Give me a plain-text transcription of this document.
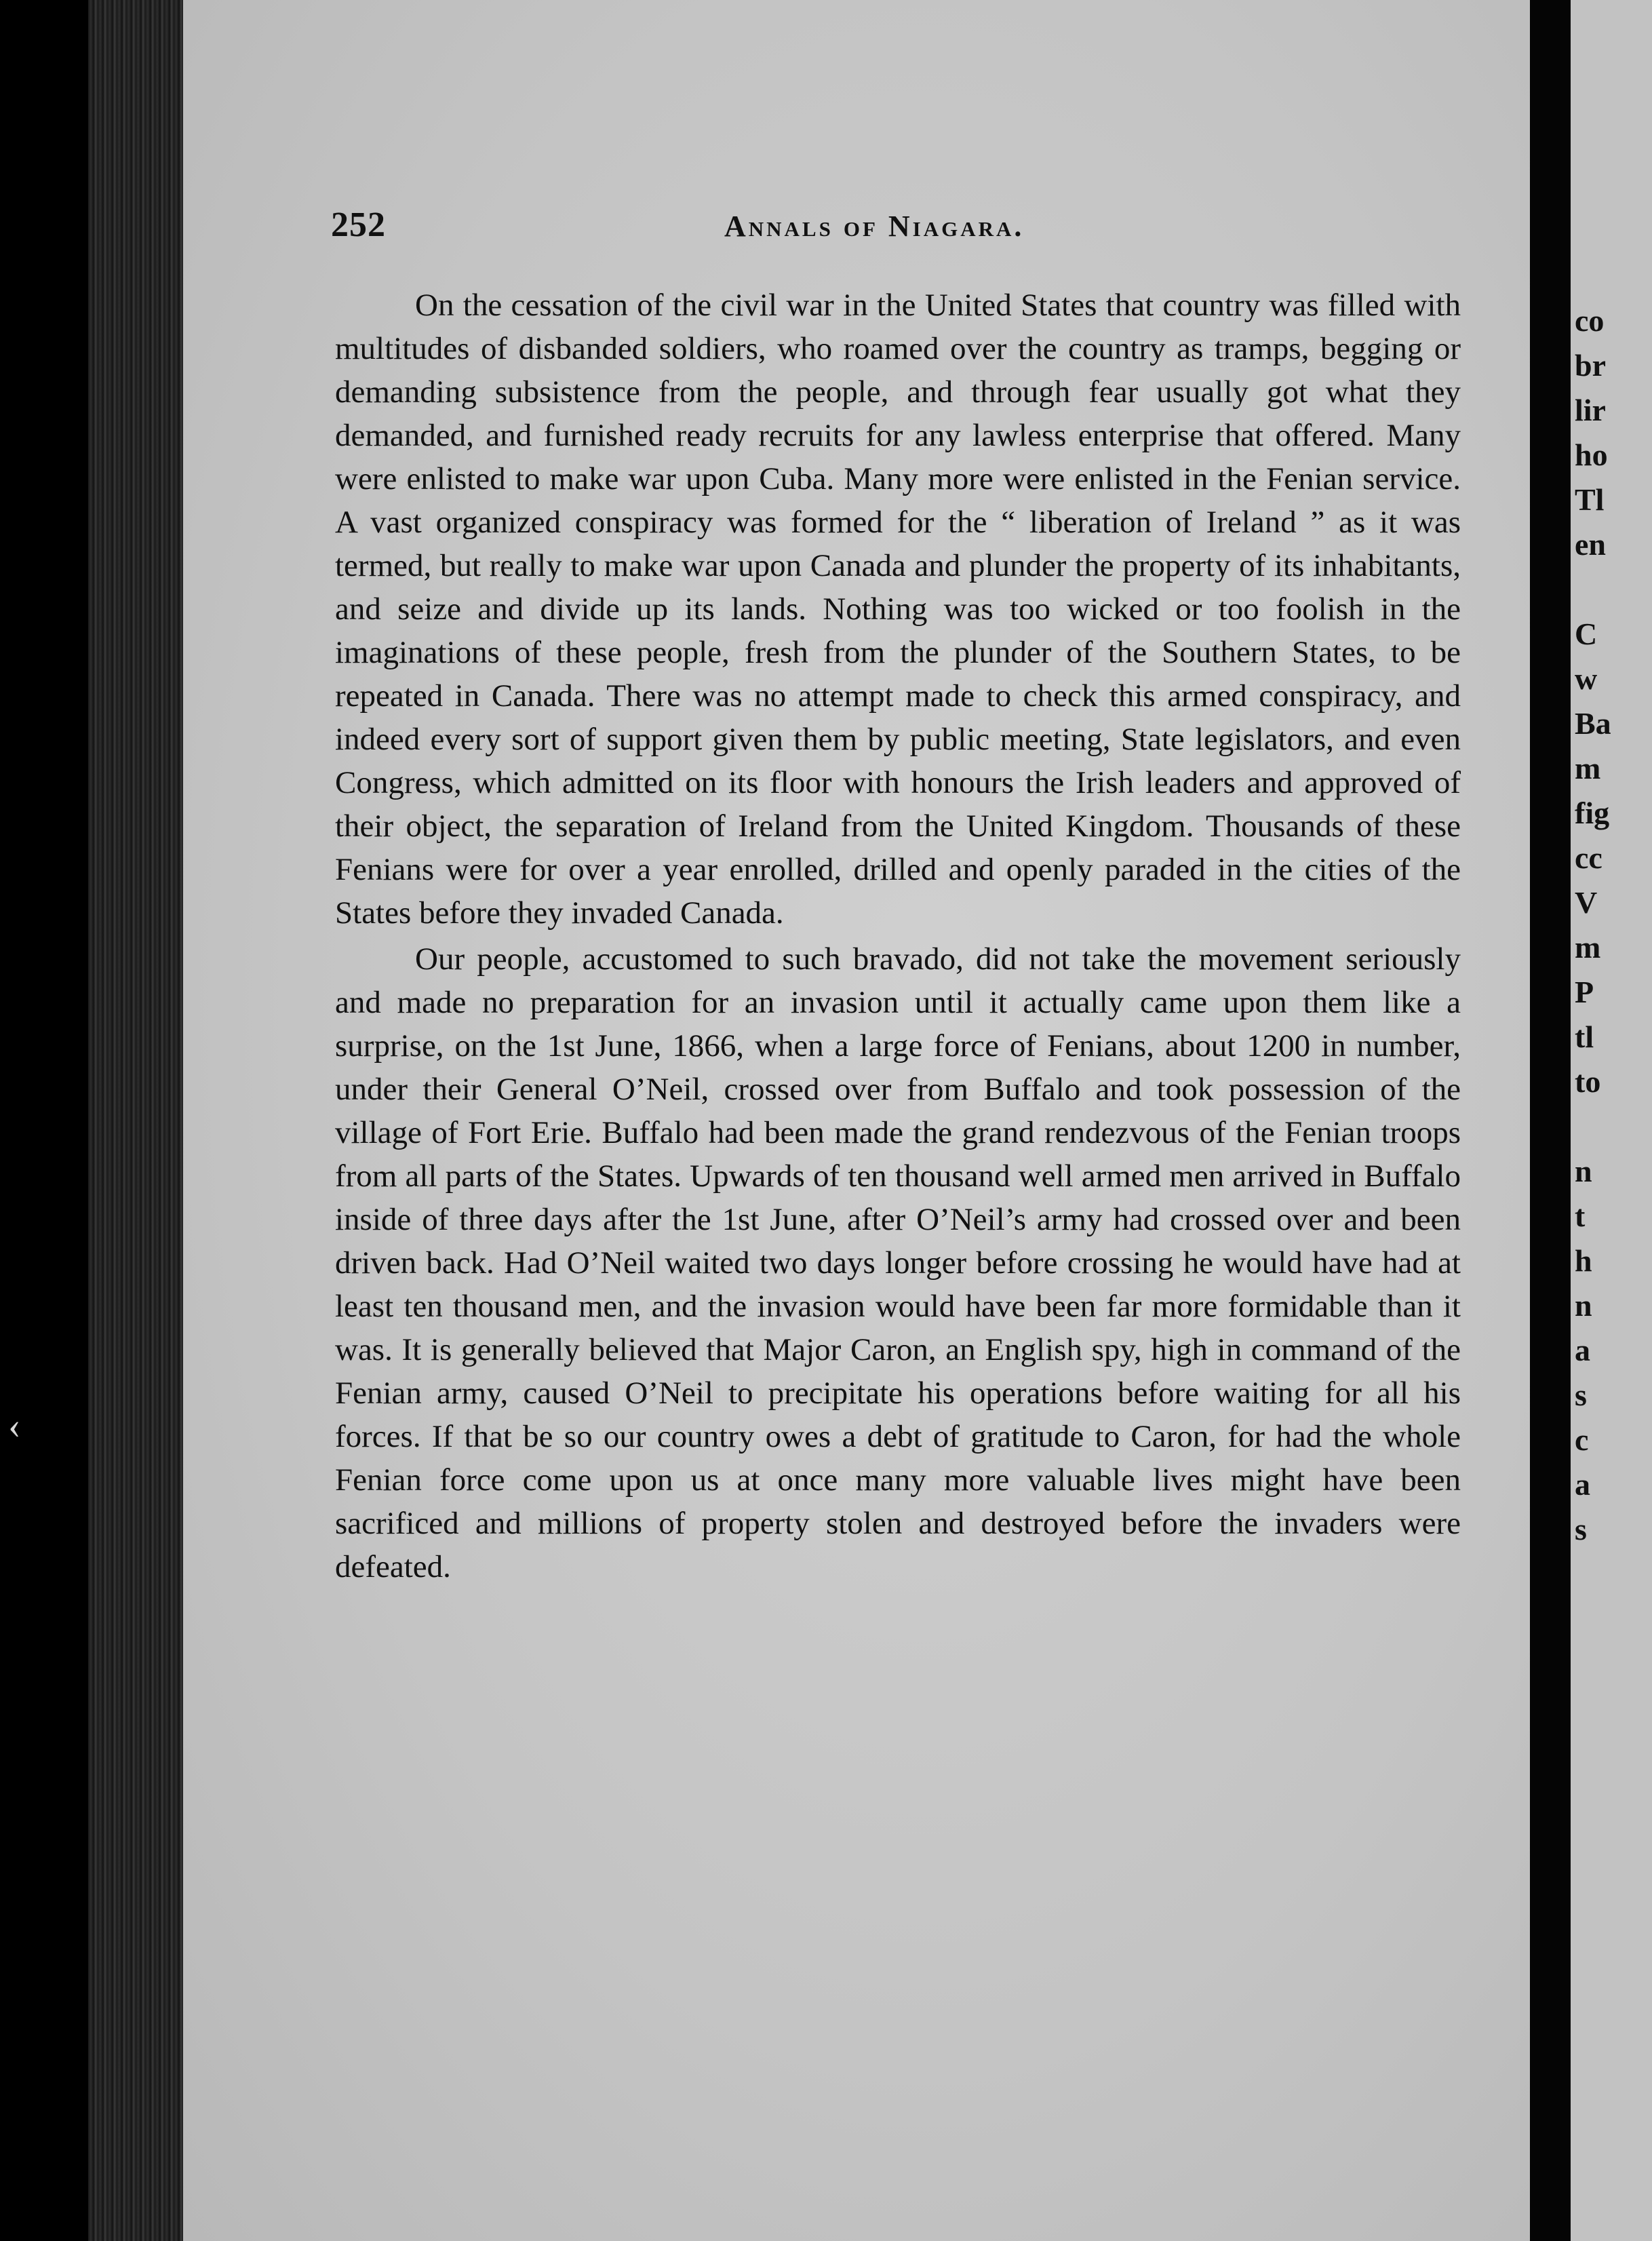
‹
252	Annals of Niagara.

On the cessation of the civil war in the United States that country was filled with multitudes of disbanded soldiers, who roamed over the country as tramps, begging or demanding subsistence from the people, and through fear usually got what they demanded, and furnished ready recruits for any lawless enterprise that offered. Many were enlisted to make war upon Cuba. Many more were enlisted in the Fenian service. A vast organized conspiracy was formed for the “ liberation of Ireland ” as it was termed, but really to make war upon Canada and plunder the property of its inhabitants, and seize and divide up its lands. Nothing was too wicked or too foolish in the imaginations of these people, fresh from the plunder of the Southern States, to be repeated in Canada. There was no attempt made to check this armed conspiracy, and indeed every sort of support given them by public meeting, State legislators, and even Congress, which admitted on its floor with honours the Irish leaders and approved of their object, the separation of Ireland from the United Kingdom. Thousands of these Fenians were for over a year enrolled, drilled and openly paraded in the cities of the States before they invaded Canada.

Our people, accustomed to such bravado, did not take the movement seriously and made no preparation for an invasion until it actually came upon them like a surprise, on the 1st June, 1866, when a large force of Fenians, about 1200 in number, under their General O’Neil, crossed over from Buffalo and took possession of the village of Fort Erie. Buffalo had been made the grand rendezvous of the Fenian troops from all parts of the States. Upwards of ten thousand well armed men arrived in Buffalo inside of three days after the 1st June, after O’Neil’s army had crossed over and been driven back. Had O’Neil waited two days longer before crossing he would have had at least ten thousand men, and the invasion would have been far more formidable than it was. It is generally believed that Major Caron, an English spy, high in command of the Fenian army, caused O’Neil to precipitate his operations before waiting for all his forces. If that be so our country owes a debt of gratitude to Caron, for had the whole Fenian force come upon us at once many more valuable lives might have been sacrificed and millions of property stolen and destroyed before the invaders were defeated.

co
br
lir
ho
Tl
en

C
w
Ba
m
fig
cc
V
m
P
tl
to

n
t
h
n
a
s
c
a
s
